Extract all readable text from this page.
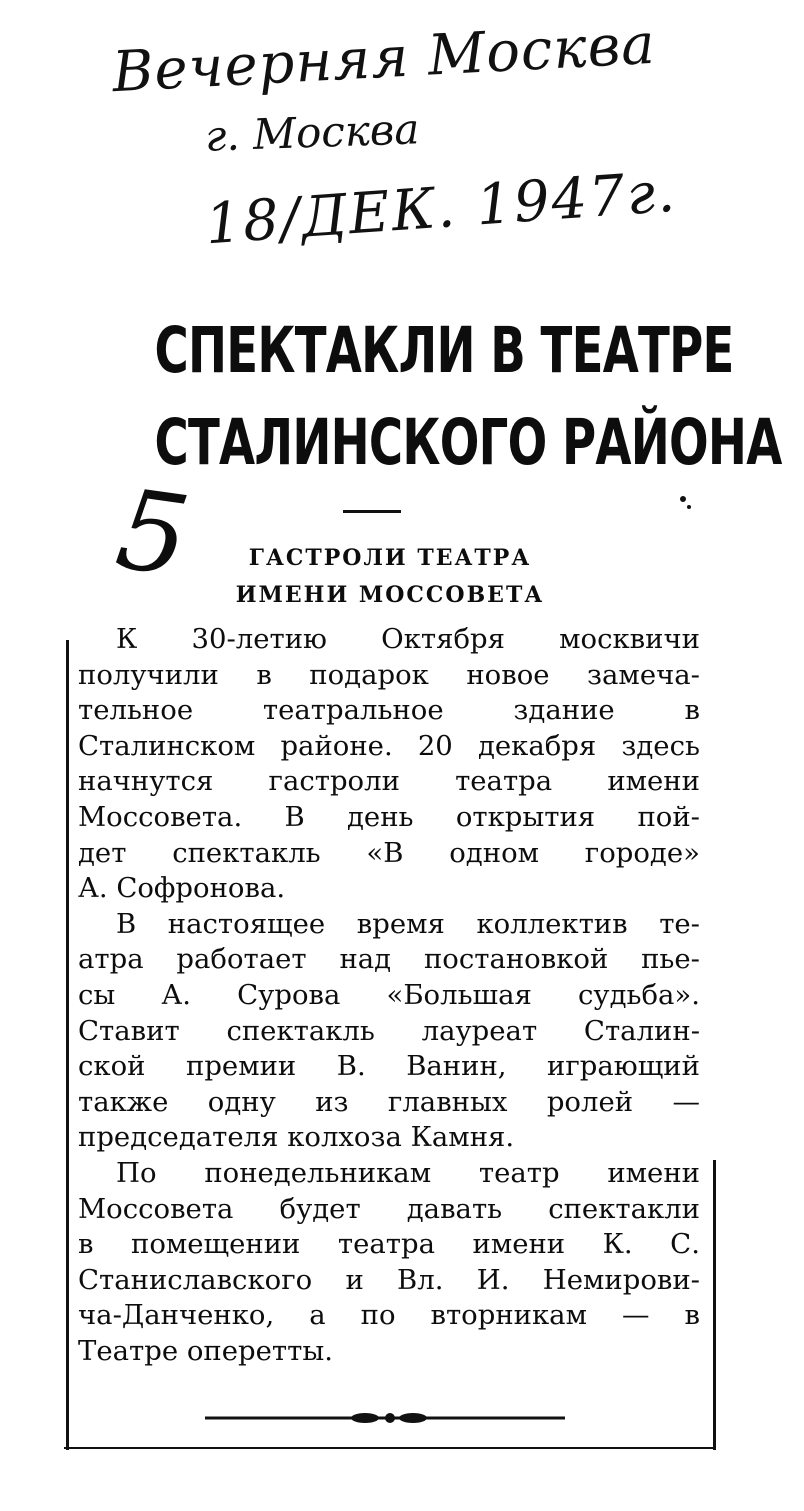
Вечерняя Москва
г. Москва
18/ДЕК. 1947г.
СПЕКТАКЛИ В ТЕАТРЕ
СТАЛИНСКОГО РАЙОНА
5	ГАСТРОЛИ ТЕАТРА
ИМЕНИ МОССОВЕТА

К 30-летию Октября москвичи
получили в подарок новое замеча-
тельное	театральное	здание	в
Сталинском районе. 20 декабря здесь
начнутся гастроли театра имени
Моссовета. В день открытия пой-
дет спектакль «В одном городе»
А. Софронова.

В настоящее время коллектив те-
атра работает над постановкой пье-
сы А. Сурова «Большая судьба».
Ставит спектакль лауреат Сталин-
ской премии В. Ванин, играющий
также одну из главных ролей —
председателя колхоза Камня.

По понедельникам театр имени
Моссовета будет давать спектакли
в помещении театра имени К. С.
Станиславского и Вл. И. Немирови-
ча-Данченко, а по вторникам — в
Театре оперетты.
